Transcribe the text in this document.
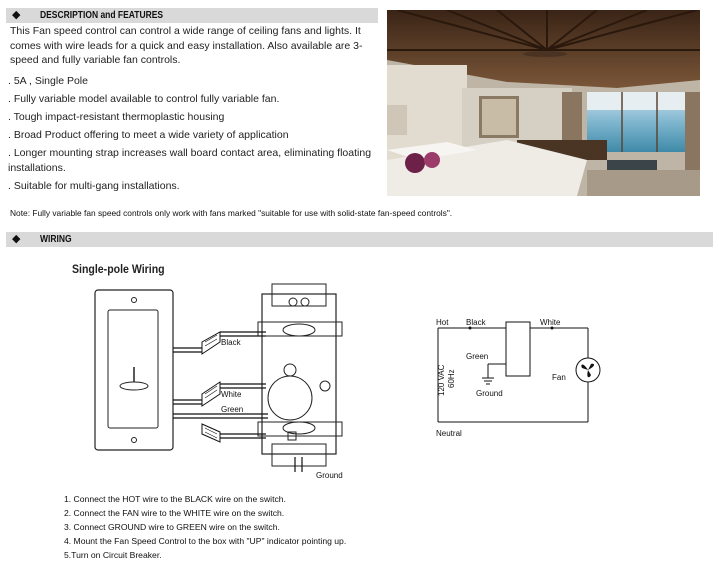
◆ DESCRIPTION and FEATURES
This Fan speed control can control a wide range of ceiling fans and lights. It comes with wire leads for a quick and easy installation. Also available are 3-speed and fully variable fan controls.
. 5A , Single Pole
. Fully variable model available to control fully variable fan.
. Tough impact-resistant thermoplastic housing
. Broad Product offering to meet a wide variety of application
. Longer mounting strap increases wall board contact area, eliminating floating installations.
. Suitable for multi-gang installations.
Note: Fully variable fan speed controls only work with fans marked "suitable for use with solid-state fan-speed controls".
◆ WIRING
Single-pole Wiring
Black
White
Green
Ground
Hot Black	White
Green
Ground
Fan
120 VAC 60Hz
Neutral
1. Connect the HOT wire to the BLACK wire on the switch.
2. Connect the FAN wire to the WHITE wire on the switch.
3. Connect GROUND wire to GREEN wire on the switch.
4. Mount the Fan Speed Control to the box with "UP" indicator pointing up.
5.Turn on Circuit Breaker.
